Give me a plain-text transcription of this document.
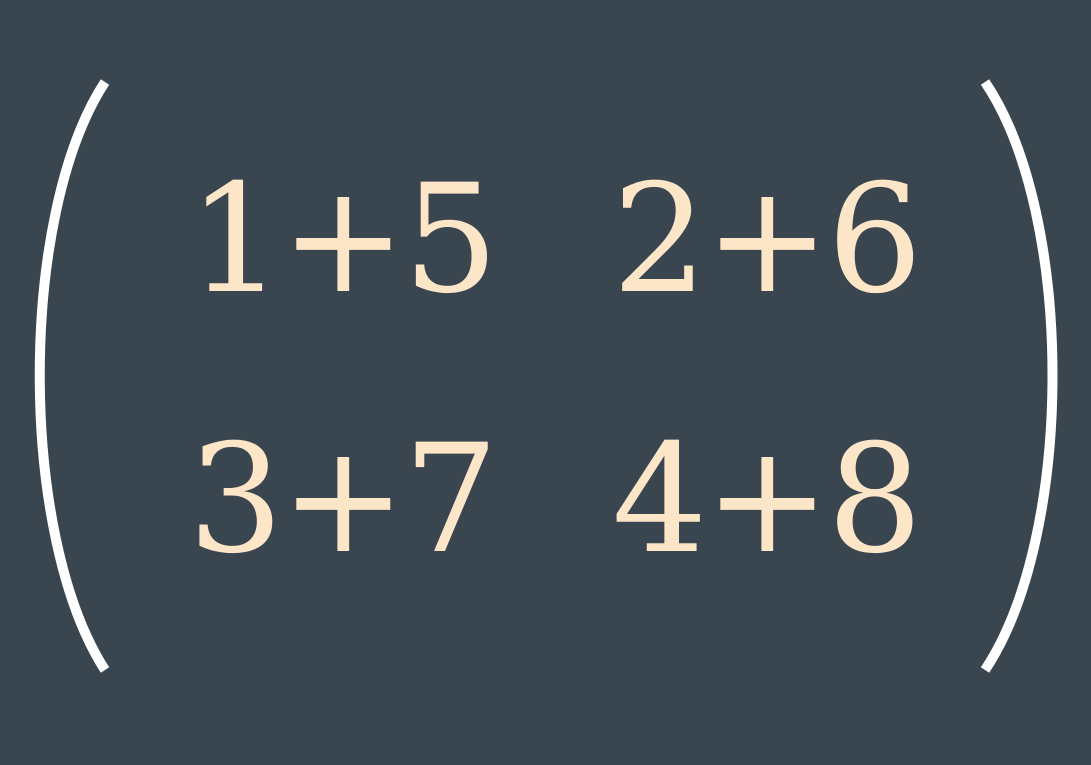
1+5 2+6
3+7 4+8
